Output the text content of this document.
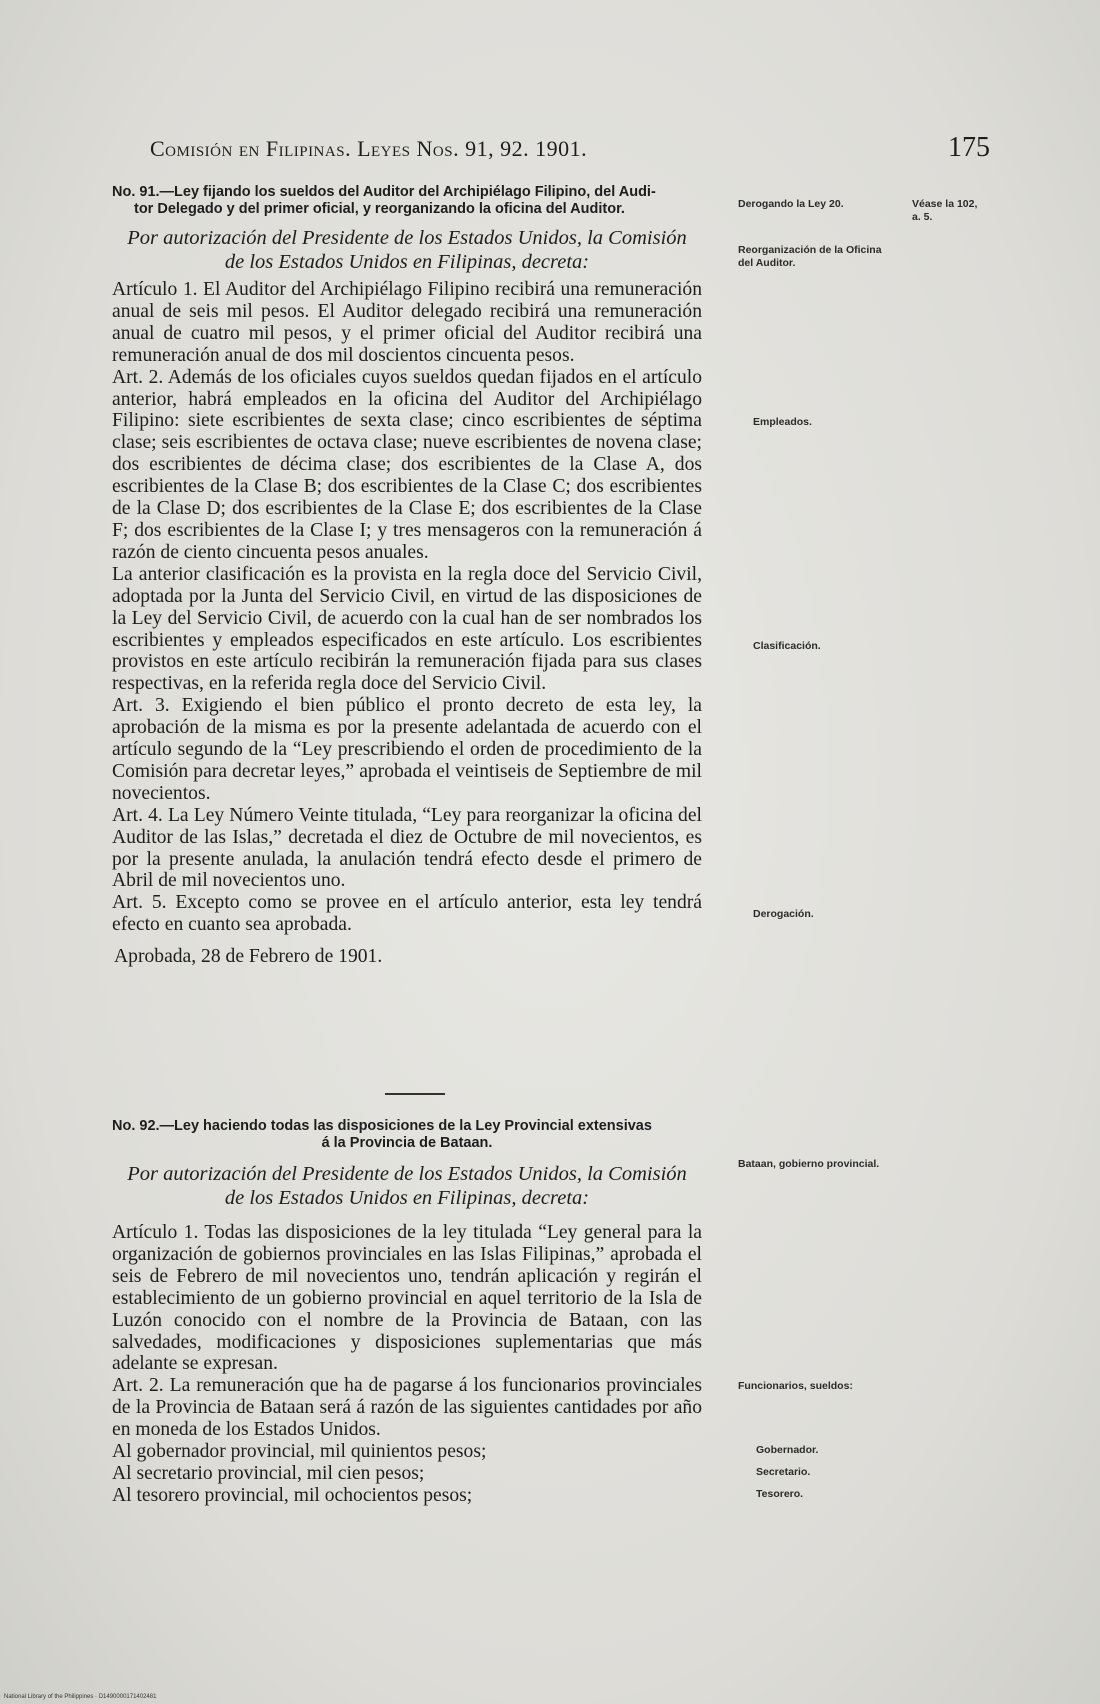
Comisión en Filipinas. Leyes Nos. 91, 92. 1901.	175

No. 91.—Ley fijando los sueldos del Auditor del Archipiélago Filipino, del Audi-

tor Delegado y del primer oficial, y reorganizando la oficina del Auditor.

Por autorización del Presidente de los Estados Unidos, la Comisión

de los Estados Unidos en Filipinas, decreta:

Artículo 1. El Auditor del Archipiélago Filipino recibirá una remuneración anual de seis mil pesos. El Auditor delegado recibirá una remuneración anual de cuatro mil pesos, y el primer oficial del Auditor recibirá una remuneración anual de dos mil doscientos cincuenta pesos.

Art. 2. Además de los oficiales cuyos sueldos quedan fijados en el artículo anterior, habrá empleados en la oficina del Auditor del Archipiélago Filipino: siete escribientes de sexta clase; cinco escribientes de séptima clase; seis escribientes de octava clase; nueve escribientes de novena clase; dos escribientes de décima clase; dos escribientes de la Clase A, dos escribientes de la Clase B; dos escribientes de la Clase C; dos escribientes de la Clase D; dos escribientes de la Clase E; dos escribientes de la Clase F; dos escribientes de la Clase I; y tres mensageros con la remuneración á razón de ciento cincuenta pesos anuales.

La anterior clasificación es la provista en la regla doce del Servicio Civil, adoptada por la Junta del Servicio Civil, en virtud de las disposiciones de la Ley del Servicio Civil, de acuerdo con la cual han de ser nombrados los escribientes y empleados especificados en este artículo. Los escribientes provistos en este artículo recibirán la remuneración fijada para sus clases respectivas, en la referida regla doce del Servicio Civil.

Art. 3. Exigiendo el bien público el pronto decreto de esta ley, la aprobación de la misma es por la presente adelantada de acuerdo con el artículo segundo de la “Ley prescribiendo el orden de procedimiento de la Comisión para decretar leyes,” aprobada el veintiseis de Septiembre de mil novecientos.

Art. 4. La Ley Número Veinte titulada, “Ley para reorganizar la oficina del Auditor de las Islas,” decretada el diez de Octubre de mil novecientos, es por la presente anulada, la anulación tendrá efecto desde el primero de Abril de mil novecientos uno.

Art. 5. Excepto como se provee en el artículo anterior, esta ley tendrá efecto en cuanto sea aprobada.

Aprobada, 28 de Febrero de 1901.

No. 92.—Ley haciendo todas las disposiciones de la Ley Provincial extensivas

á la Provincia de Bataan.

Por autorización del Presidente de los Estados Unidos, la Comisión

de los Estados Unidos en Filipinas, decreta:

Artículo 1. Todas las disposiciones de la ley titulada “Ley general para la organización de gobiernos provinciales en las Islas Filipinas,” aprobada el seis de Febrero de mil novecientos uno, tendrán aplicación y regirán el establecimiento de un gobierno provincial en aquel territorio de la Isla de Luzón conocido con el nombre de la Provincia de Bataan, con las salvedades, modificaciones y disposiciones suplementarias que más adelante se expresan.

Art. 2. La remuneración que ha de pagarse á los funcionarios provinciales de la Provincia de Bataan será á razón de las siguientes cantidades por año en moneda de los Estados Unidos.

Al gobernador provincial, mil quinientos pesos;

Al secretario provincial, mil cien pesos;

Al tesorero provincial, mil ochocientos pesos;

Derogando la Ley 20.	Véase la 102, a. 5.
Reorganización de la Oficina del Auditor.
Empleados.
Clasificación.
Derogación.
Bataan, gobierno provincial.
Funcionarios, sueldos:
Gobernador.
Secretario.
Tesorero.
National Library of the Philippines · D1490000171402481
